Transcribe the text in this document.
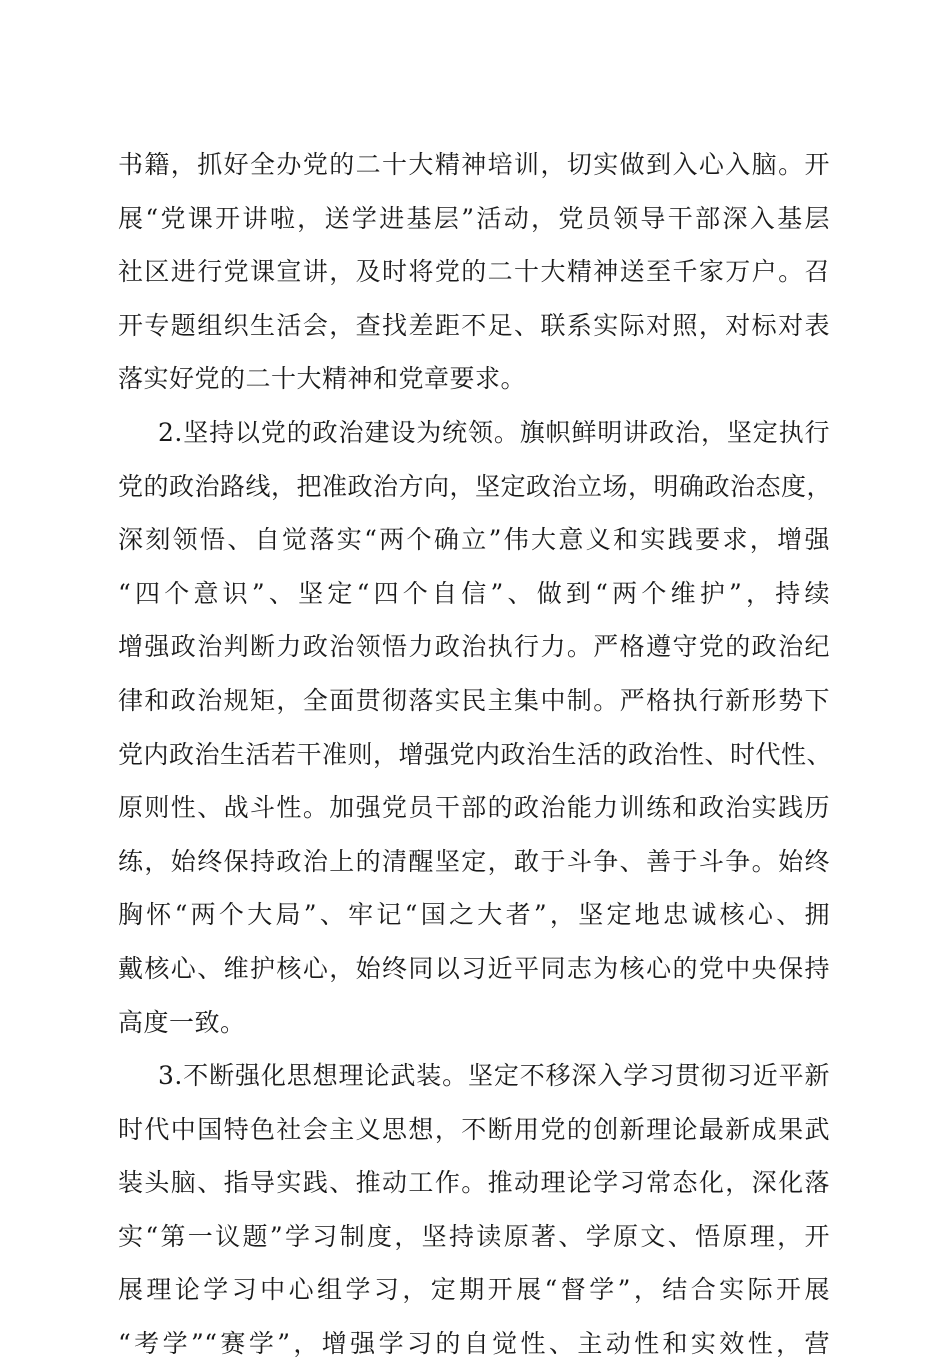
书籍，抓好全办党的二十大精神培训，切实做到入心入脑。开
展“党课开讲啦，送学进基层”活动，党员领导干部深入基层
社区进行党课宣讲，及时将党的二十大精神送至千家万户。召
开专题组织生活会，查找差距不足、联系实际对照，对标对表
落实好党的二十大精神和党章要求。
2.坚持以党的政治建设为统领。旗帜鲜明讲政治，坚定执行
党的政治路线，把准政治方向，坚定政治立场，明确政治态度，
深刻领悟、自觉落实“两个确立”伟大意义和实践要求，增强
“四个意识”、坚定“四个自信”、做到“两个维护”，持续
增强政治判断力政治领悟力政治执行力。严格遵守党的政治纪
律和政治规矩，全面贯彻落实民主集中制。严格执行新形势下
党内政治生活若干准则，增强党内政治生活的政治性、时代性、
原则性、战斗性。加强党员干部的政治能力训练和政治实践历
练，始终保持政治上的清醒坚定，敢于斗争、善于斗争。始终
胸怀“两个大局”、牢记“国之大者”，坚定地忠诚核心、拥
戴核心、维护核心，始终同以习近平同志为核心的党中央保持
高度一致。
3.不断强化思想理论武装。坚定不移深入学习贯彻习近平新
时代中国特色社会主义思想，不断用党的创新理论最新成果武
装头脑、指导实践、推动工作。推动理论学习常态化，深化落
实“第一议题”学习制度，坚持读原著、学原文、悟原理，开
展理论学习中心组学习，定期开展“督学”，结合实际开展
“考学”“赛学”，增强学习的自觉性、主动性和实效性，营
